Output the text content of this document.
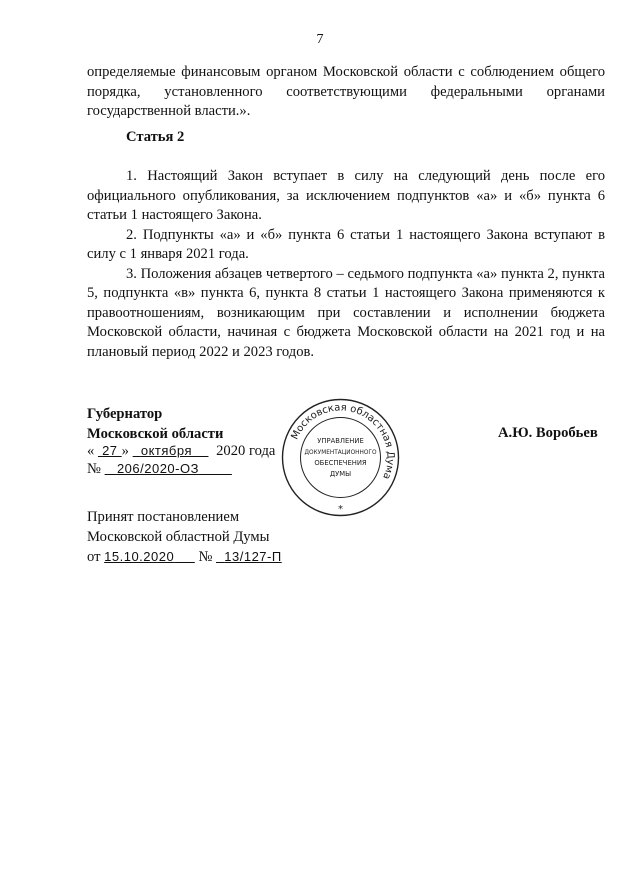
7

определяемые финансовым органом Московской области с соблюдением общего порядка, установленного соответствующими федеральными органами государственной власти.».

Статья 2

1. Настоящий Закон вступает в силу на следующий день после его официального опубликования, за исключением подпунктов «а» и «б» пункта 6 статьи 1 настоящего Закона.

2. Подпункты «а» и «б» пункта 6 статьи 1 настоящего Закона вступают в силу с 1 января 2021 года.

3. Положения абзацев четвертого – седьмого подпункта «а» пункта 2, пункта 5, подпункта «в» пункта 6, пункта 8 статьи 1 настоящего Закона применяются к правоотношениям, возникающим при составлении и исполнении бюджета Московской области, начиная с бюджета Московской области на 2021 год и на плановый период 2022 и 2023 годов.

Губернатор
Московской области	А.Ю. Воробьев
« 27 » октября 2020 года
№ 206/2020-ОЗ
Принят постановлением
Московской областной Думы
от 15.10.2020 № 13/127-П
Московская областная Дума
УПРАВЛЕНИЕ
ДОКУМЕНТАЦИОННОГО
ОБЕСПЕЧЕНИЯ
ДУМЫ
*
